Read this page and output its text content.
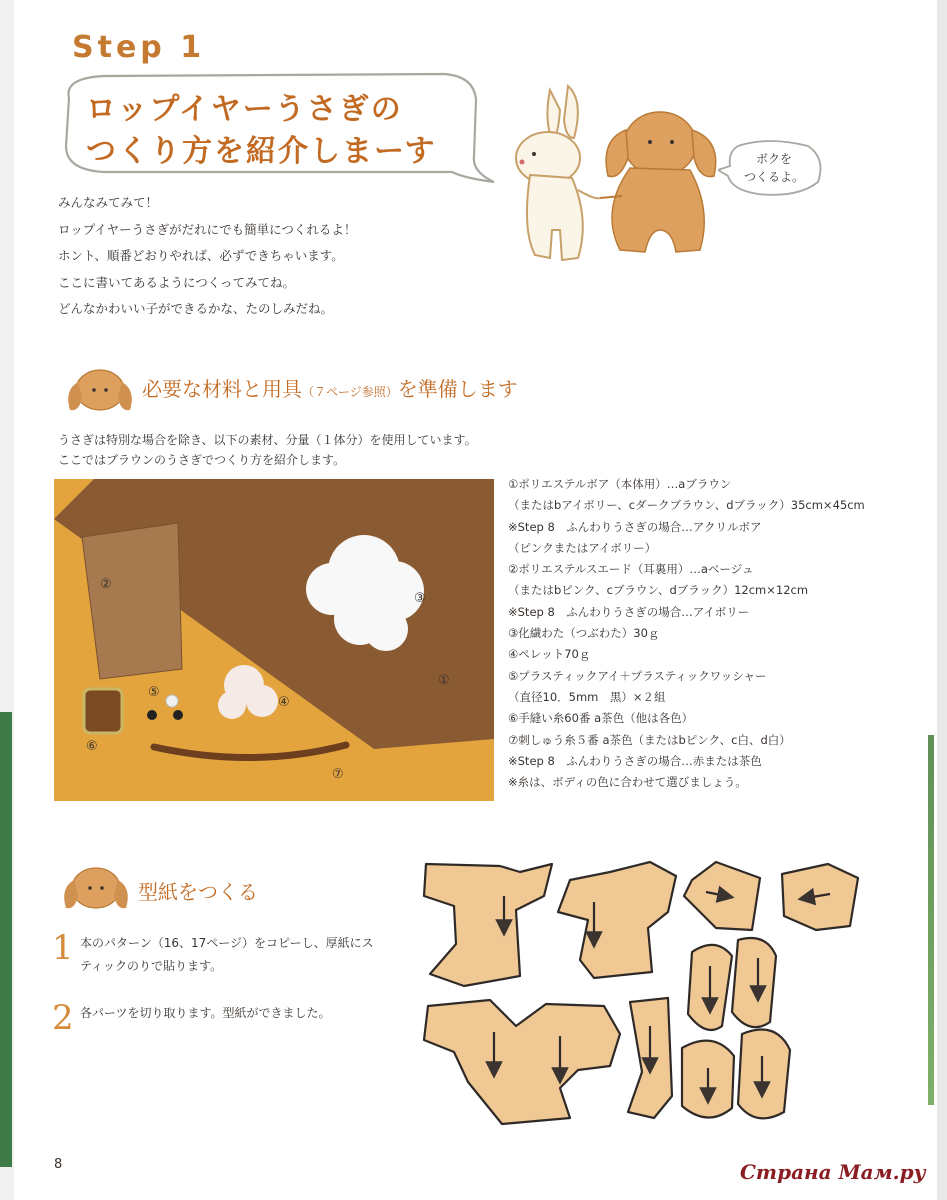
Step 1
ロップイヤーうさぎの
つくり方を紹介しまーす	ボクを
つくるよ。
みんなみてみて！
ロップイヤーうさぎがだれにでも簡単につくれるよ！
ホント、順番どおりやれば、必ずできちゃいます。
ここに書いてあるようにつくってみてね。
どんなかわいい子ができるかな、たのしみだね。
必要な材料と用具（７ページ参照）を準備します
うさぎは特別な場合を除き、以下の素材、分量（１体分）を使用しています。
ここではブラウンのうさぎでつくり方を紹介します。
②
③
①
④
⑤
⑥
⑦
①ポリエステルボア（本体用）…aブラウン
（またはbアイボリー、cダークブラウン、dブラック）35cm×45cm
※Step 8　ふんわりうさぎの場合…アクリルボア
（ピンクまたはアイボリー）
②ポリエステルスエード（耳裏用）…aベージュ
（またはbピンク、cブラウン、dブラック）12cm×12cm
※Step 8　ふんわりうさぎの場合…アイボリー
③化繊わた（つぶわた）30ｇ
④ペレット70ｇ
⑤プラスティックアイ＋プラスティックワッシャー
（直径10．5mm　黒）×２組
⑥手縫い糸60番 a茶色（他は各色）
⑦刺しゅう糸５番 a茶色（またはbピンク、c白、d白）
※Step 8　ふんわりうさぎの場合…赤または茶色
※糸は、ボディの色に合わせて選びましょう。
型紙をつくる
1 本のパターン（16、17ページ）をコピーし、厚紙にス
ティックのりで貼ります。
2 各パーツを切り取ります。型紙ができました。
8	Страна Мам.ру
